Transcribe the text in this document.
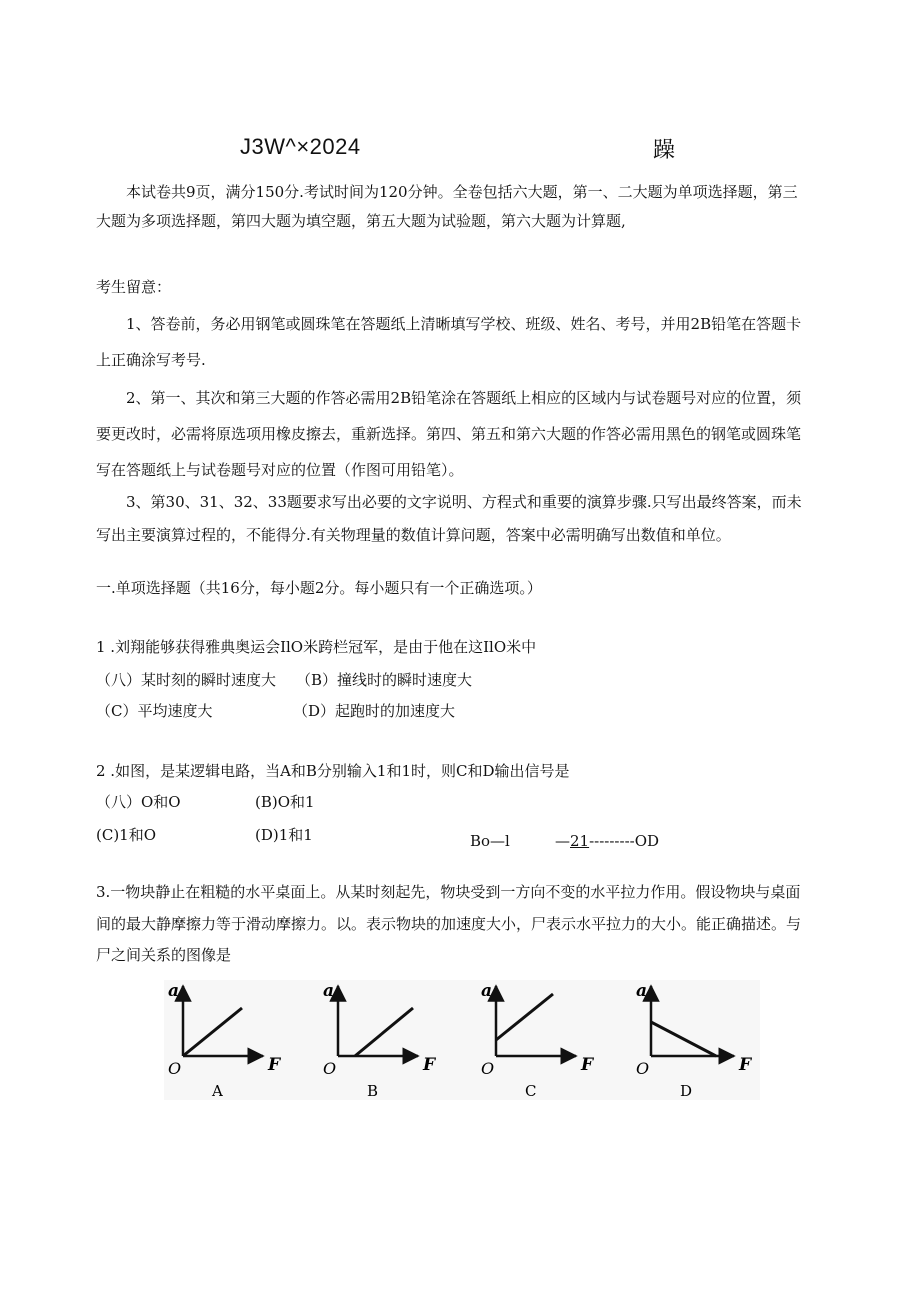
J3W^×2024	躁
本试卷共9页，满分150分.考试时间为120分钟。全卷包括六大题，第一、二大题为单项选择题，第三大题为多项选择题，第四大题为填空题，第五大题为试验题，第六大题为计算题,
考生留意：
1、答卷前，务必用钢笔或圆珠笔在答题纸上清晰填写学校、班级、姓名、考号，并用2B铅笔在答题卡上正确涂写考号.
2、第一、其次和第三大题的作答必需用2B铅笔涂在答题纸上相应的区域内与试卷题号对应的位置，须要更改时，必需将原选项用橡皮擦去，重新选择。第四、第五和第六大题的作答必需用黑色的钢笔或圆珠笔写在答题纸上与试卷题号对应的位置（作图可用铅笔）。
3、第30、31、32、33题要求写出必要的文字说明、方程式和重要的演算步骤.只写出最终答案，而未写出主要演算过程的，不能得分.有关物理量的数值计算问题，答案中必需明确写出数值和单位。
一.单项选择题（共16分，每小题2分。每小题只有一个正确选项。）
1 .刘翔能够获得雅典奥运会IlO米跨栏冠军，是由于他在这IlO米中
（八）某时刻的瞬时速度大 （B）撞线时的瞬时速度大
（C）平均速度大	（D）起跑时的加速度大
2 .如图，是某逻辑电路，当A和B分别输入1和1时，则C和D输出信号是
（八）O和O	(B)O和1
(C)1和O	(D)1和1	Bo—l	—21---------OD
3.一物块静止在粗糙的水平桌面上。从某时刻起先，物块受到一方向不变的水平拉力作用。假设物块与桌面
间的最大静摩擦力等于滑动摩擦力。以。表示物块的加速度大小，尸表示水平拉力的大小。能正确描述。与
尸之间关系的图像是
a
F
O
A
a
F
O
B
a
F
O
C
a
F
O
D
